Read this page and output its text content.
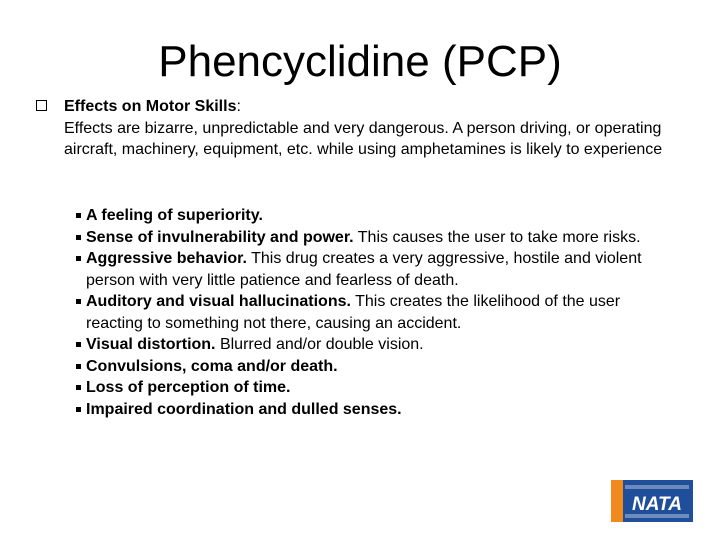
Phencyclidine (PCP)
Effects on Motor Skills:
Effects are bizarre, unpredictable and very dangerous. A person driving, or operating aircraft, machinery, equipment, etc. while using amphetamines is likely to experience
A feeling of superiority.
Sense of invulnerability and power. This causes the user to take more risks.
Aggressive behavior. This drug creates a very aggressive, hostile and violent person with very little patience and fearless of death.
Auditory and visual hallucinations. This creates the likelihood of the user reacting to something not there, causing an accident.
Visual distortion. Blurred and/or double vision.
Convulsions, coma and/or death.
Loss of perception of time.
Impaired coordination and dulled senses.
NATA
